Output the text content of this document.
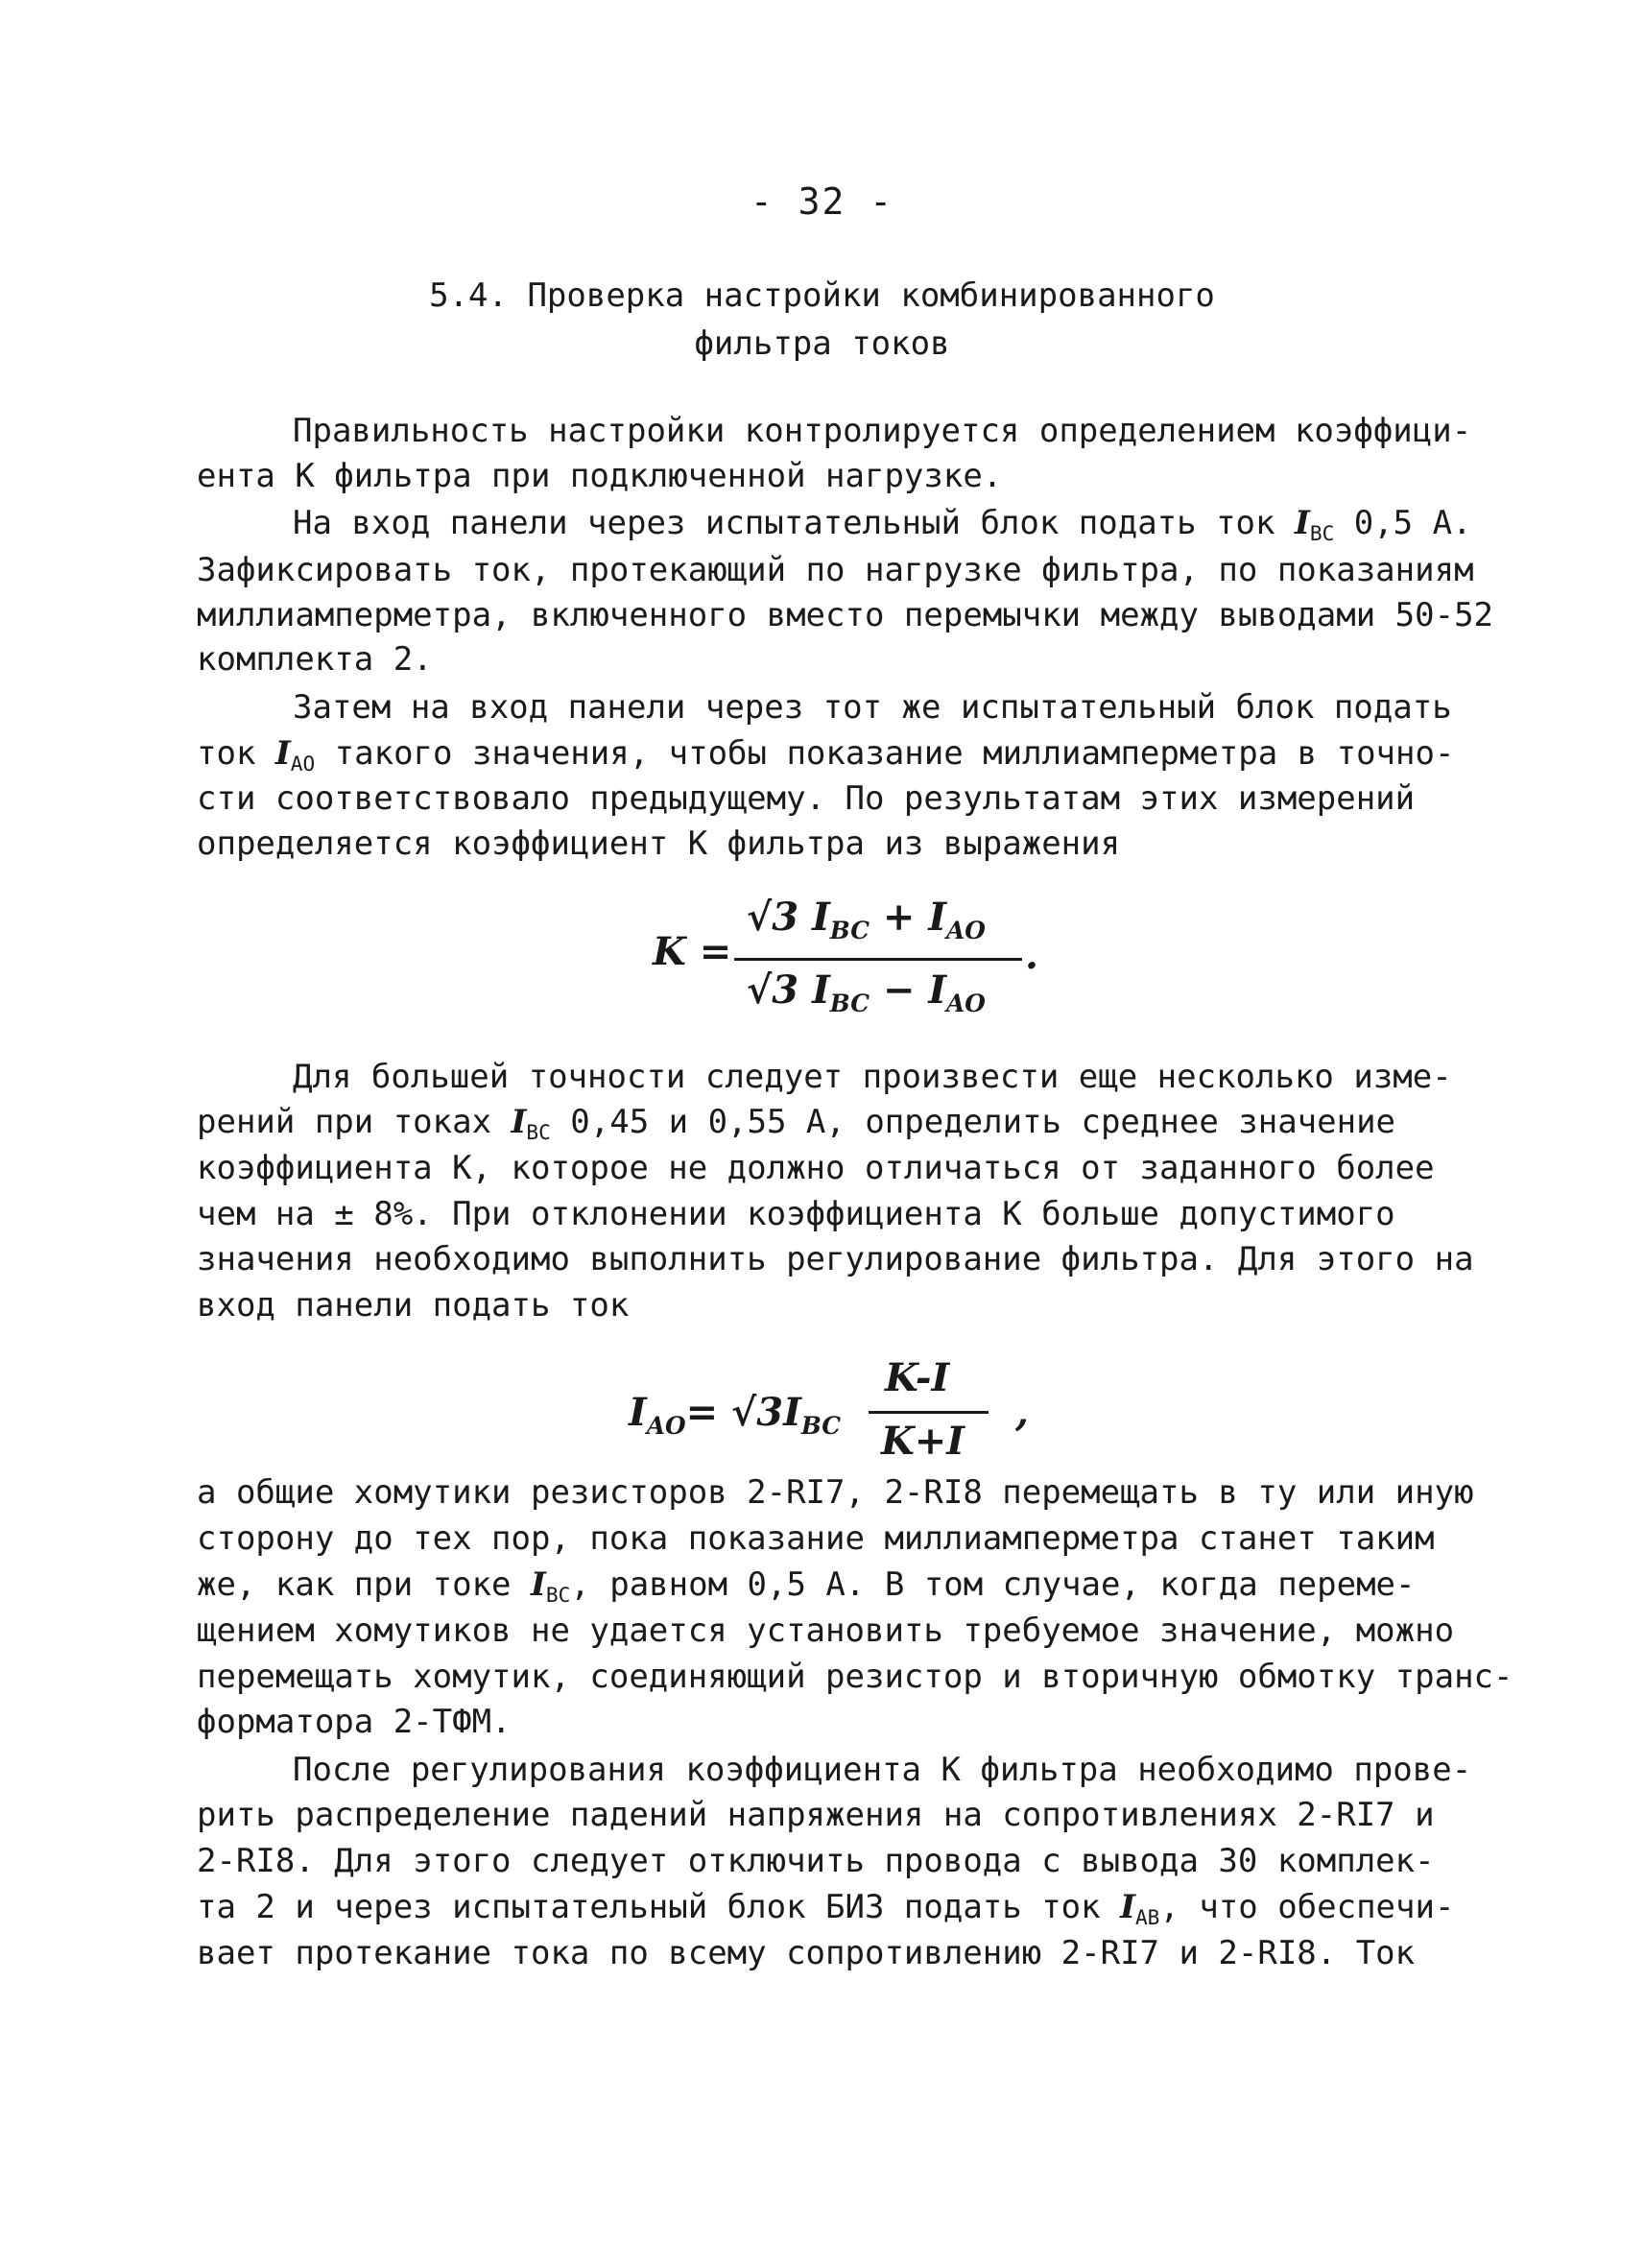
- 32 -
5.4. Проверка настройки комбинированного
фильтра токов
Правильность настройки контролируется определением коэффици-
ента К фильтра при подключенной нагрузке.
На вход панели через испытательный блок подать ток $I_{ВС}$ 0,5 А.
Зафиксировать ток, протекающий по нагрузке фильтра, по показаниям
миллиамперметра, включенного вместо перемычки между выводами 50-52
комплекта 2.
Затем на вход панели через тот же испытательный блок подать
ток $I_{АО}$ такого значения, чтобы показание миллиамперметра в точно-
сти соответствовало предыдущему. По результатам этих измерений
определяется коэффициент К фильтра из выражения
K =
√3 $I_{BC} + I_{AO}$
√3 $I_{BC} - I_{AO}$
.
Для большей точности следует произвести еще несколько изме-
рений при токах $I_{ВС}$ 0,45 и 0,55 А, определить среднее значение
коэффициента К, которое не должно отличаться от заданного более
чем на ± 8%. При отклонении коэффициента К больше допустимого
значения необходимо выполнить регулирование фильтра. Для этого на
вход панели подать ток
$I_{AO}= √3I_{BC}$
K-I
K+I
,
а общие хомутики резисторов 2-RI7, 2-RI8 перемещать в ту или иную
сторону до тех пор, пока показание миллиамперметра станет таким
же, как при токе $I_{ВС}$, равном 0,5 А. В том случае, когда переме-
щением хомутиков не удается установить требуемое значение, можно
перемещать хомутик, соединяющий резистор и вторичную обмотку транс-
форматора 2-ТФМ.
После регулирования коэффициента К фильтра необходимо прове-
рить распределение падений напряжения на сопротивлениях 2-RI7 и
2-RI8. Для этого следует отключить провода с вывода 30 комплек-
та 2 и через испытательный блок БИЗ подать ток $I_{АВ}$, что обеспечи-
вает протекание тока по всему сопротивлению 2-RI7 и 2-RI8. Ток
